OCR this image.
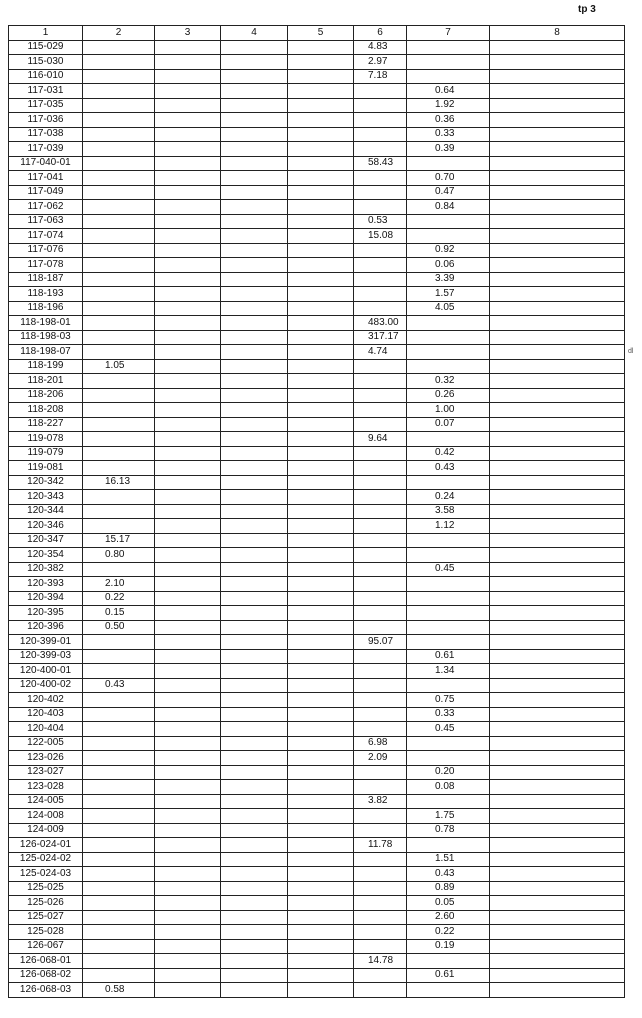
tp 3
dl
1	2	3	4	5	6	7	8
115-029					4.83		
115-030					2.97		
116-010					7.18		
117-031						0.64	
117-035						1.92	
117-036						0.36	
117-038						0.33	
117-039						0.39	
117-040-01					58.43		
117-041						0.70	
117-049						0.47	
117-062						0.84	
117-063					0.53		
117-074					15.08		
117-076						0.92	
117-078						0.06	
118-187						3.39	
118-193						1.57	
118-196						4.05	
118-198-01					483.00		
118-198-03					317.17		
118-198-07					4.74		
118-199	1.05						
118-201						0.32	
118-206						0.26	
118-208						1.00	
118-227						0.07	
119-078					9.64		
119-079						0.42	
119-081						0.43	
120-342	16.13						
120-343						0.24	
120-344						3.58	
120-346						1.12	
120-347	15.17						
120-354	0.80						
120-382						0.45	
120-393	2.10						
120-394	0.22						
120-395	0.15						
120-396	0.50						
120-399-01					95.07		
120-399-03						0.61	
120-400-01						1.34	
120-400-02	0.43						
120-402						0.75	
120-403						0.33	
120-404						0.45	
122-005					6.98		
123-026					2.09		
123-027						0.20	
123-028						0.08	
124-005					3.82		
124-008						1.75	
124-009						0.78	
126-024-01					11.78		
125-024-02						1.51	
125-024-03						0.43	
125-025						0.89	
125-026						0.05	
125-027						2.60	
125-028						0.22	
126-067						0.19	
126-068-01					14.78		
126-068-02						0.61	
126-068-03	0.58						
